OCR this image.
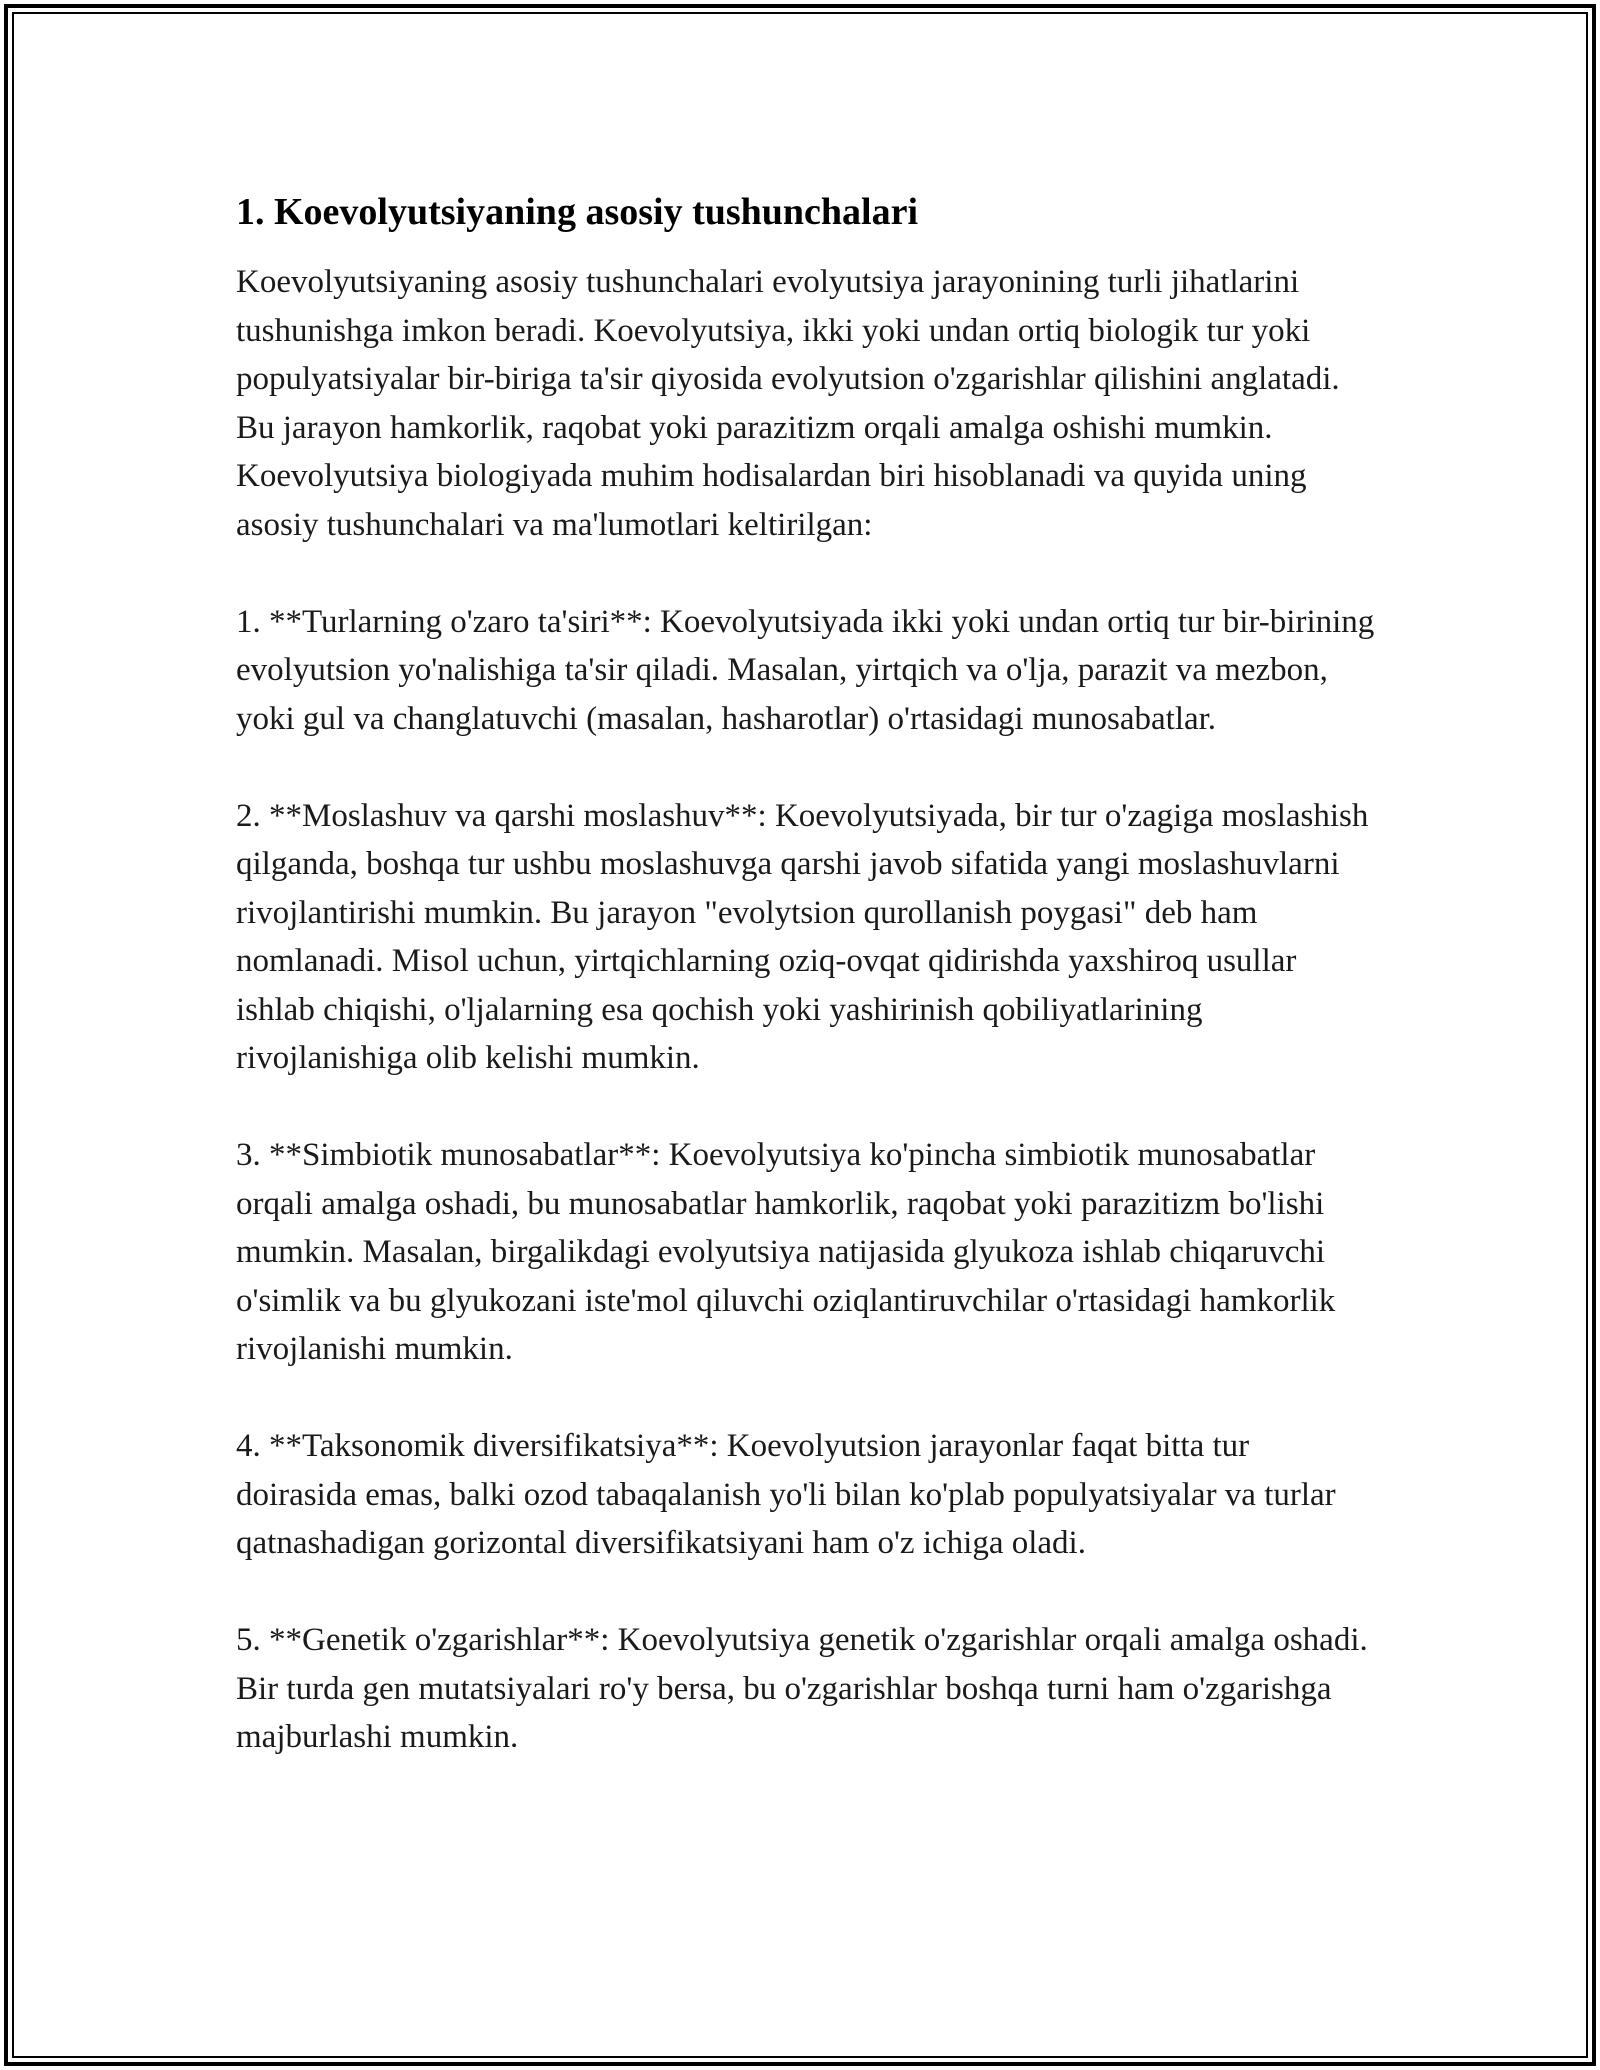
1. Koevolyutsiyaning asosiy tushunchalari

Koevolyutsiyaning asosiy tushunchalari evolyutsiya jarayonining turli jihatlarini tushunishga imkon beradi. Koevolyutsiya, ikki yoki undan ortiq biologik tur yoki populyatsiyalar bir-biriga ta'sir qiyosida evolyutsion o'zgarishlar qilishini anglatadi. Bu jarayon hamkorlik, raqobat yoki parazitizm orqali amalga oshishi mumkin. Koevolyutsiya biologiyada muhim hodisalardan biri hisoblanadi va quyida uning asosiy tushunchalari va ma'lumotlari keltirilgan:

1. **Turlarning o'zaro ta'siri**: Koevolyutsiyada ikki yoki undan ortiq tur bir-birining evolyutsion yo'nalishiga ta'sir qiladi. Masalan, yirtqich va o'lja, parazit va mezbon, yoki gul va changlatuvchi (masalan, hasharotlar) o'rtasidagi munosabatlar.

2. **Moslashuv va qarshi moslashuv**: Koevolyutsiyada, bir tur o'zagiga moslashish qilganda, boshqa tur ushbu moslashuvga qarshi javob sifatida yangi moslashuvlarni rivojlantirishi mumkin. Bu jarayon "evolytsion qurollanish poygasi" deb ham nomlanadi. Misol uchun, yirtqichlarning oziq-ovqat qidirishda yaxshiroq usullar ishlab chiqishi, o'ljalarning esa qochish yoki yashirinish qobiliyatlarining rivojlanishiga olib kelishi mumkin.

3. **Simbiotik munosabatlar**: Koevolyutsiya ko'pincha simbiotik munosabatlar orqali amalga oshadi, bu munosabatlar hamkorlik, raqobat yoki parazitizm bo'lishi mumkin. Masalan, birgalikdagi evolyutsiya natijasida glyukoza ishlab chiqaruvchi o'simlik va bu glyukozani iste'mol qiluvchi oziqlantiruvchilar o'rtasidagi hamkorlik rivojlanishi mumkin.

4. **Taksonomik diversifikatsiya**: Koevolyutsion jarayonlar faqat bitta tur doirasida emas, balki ozod tabaqalanish yo'li bilan ko'plab populyatsiyalar va turlar qatnashadigan gorizontal diversifikatsiyani ham o'z ichiga oladi.

5. **Genetik o'zgarishlar**: Koevolyutsiya genetik o'zgarishlar orqali amalga oshadi. Bir turda gen mutatsiyalari ro'y bersa, bu o'zgarishlar boshqa turni ham o'zgarishga majburlashi mumkin.
